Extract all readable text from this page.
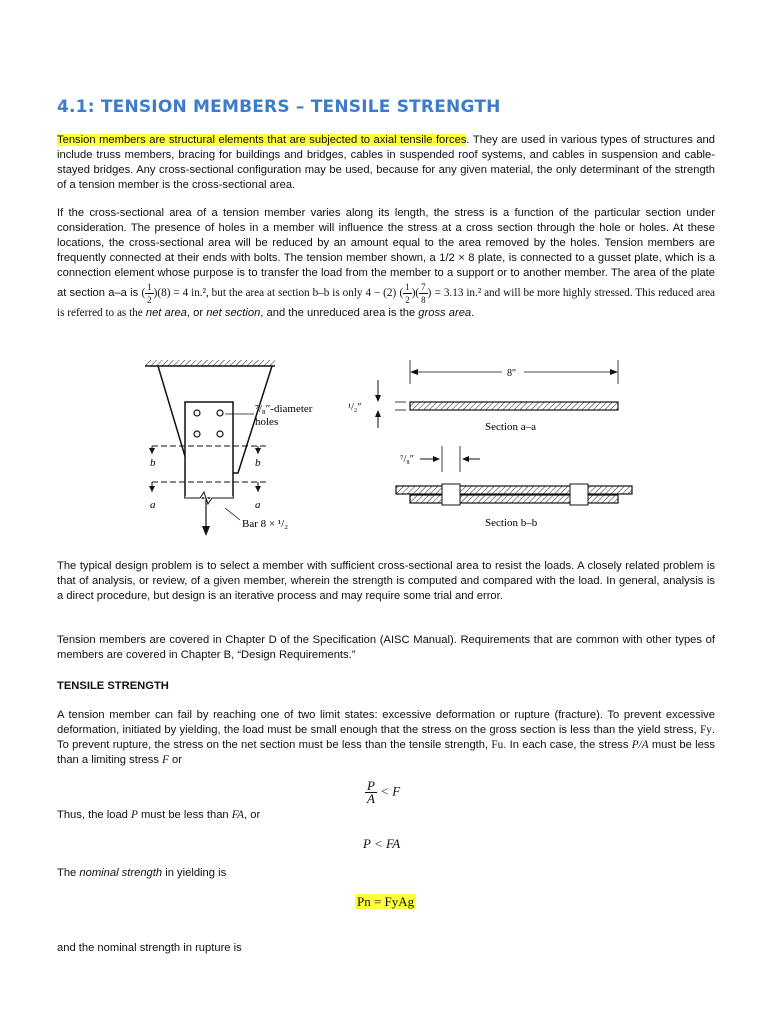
4.1: TENSION MEMBERS – TENSILE STRENGTH

Tension members are structural elements that are subjected to axial tensile forces. They are used in various types of structures and include truss members, bracing for buildings and bridges, cables in suspended roof systems, and cables in suspension and cable-stayed bridges. Any cross-sectional configuration may be used, because for any given material, the only determinant of the strength of a tension member is the cross-sectional area.

If the cross-sectional area of a tension member varies along its length, the stress is a function of the particular section under consideration. The presence of holes in a member will influence the stress at a cross section through the hole or holes. At these locations, the cross-sectional area will be reduced by an amount equal to the area removed by the holes. Tension members are frequently connected at their ends with bolts. The tension member shown, a 1/2 × 8 plate, is connected to a gusset plate, which is a connection element whose purpose is to transfer the load from the member to a support or to another member. The area of the plate at section a–a is ( $\frac{1}{2} )(8) = 4$ in.², but the area at section b–b is only 4 − (2) ( $\frac{1}{2}$ )( $\frac{7}{8}$ ) = 3.13 in.² and will be more highly stressed. This reduced area is referred to as the net area, or net section, and the unreduced area is the gross area.

⁷/₈″-diameter
holes
b	b
a	a
Bar 8 × ¹/₂
¹/₂″
8″
Section a–a
⁷/₈″
Section b–b

The typical design problem is to select a member with sufficient cross-sectional area to resist the loads. A closely related problem is that of analysis, or review, of a given member, wherein the strength is computed and compared with the load. In general, analysis is a direct procedure, but design is an iterative process and may require some trial and error.

Tension members are covered in Chapter D of the Specification (AISC Manual). Requirements that are common with other types of members are covered in Chapter B, “Design Requirements.”

TENSILE STRENGTH

A tension member can fail by reaching one of two limit states: excessive deformation or rupture (fracture). To prevent excessive deformation, initiated by yielding, the load must be small enough that the stress on the gross section is less than the yield stress, Fy. To prevent rupture, the stress on the net section must be less than the tensile strength, Fu. In each case, the stress P/A must be less than a limiting stress F or

$\frac{P}{A} < F$

Thus, the load P must be less than FA, or

P < FA

The nominal strength in yielding is

Pn = FyAg

and the nominal strength in rupture is
